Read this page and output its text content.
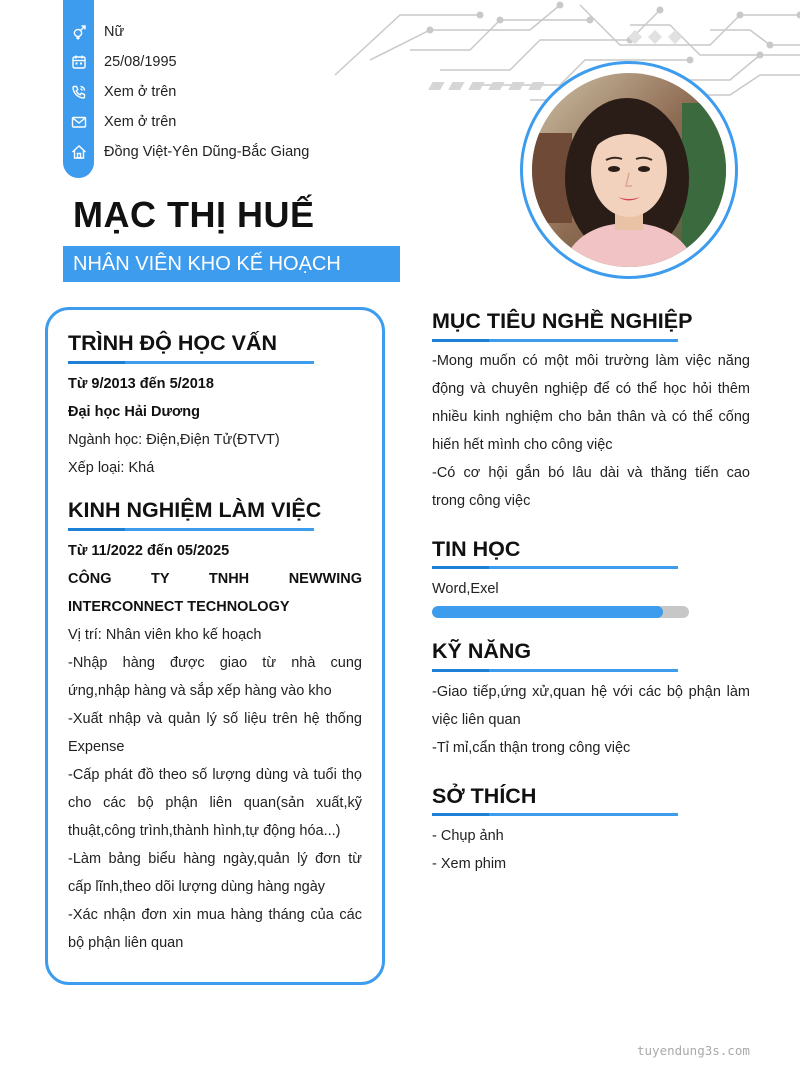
Nữ
25/08/1995
Xem ở trên
Xem ở trên
Đồng Việt-Yên Dũng-Bắc Giang
MẠC THỊ HUẾ
NHÂN VIÊN KHO KẾ HOẠCH
TRÌNH ĐỘ HỌC VẤN
Từ 9/2013 đến 5/2018
Đại học Hải Dương
Ngành học: Điện,Điện Tử(ĐTVT)
Xếp loại: Khá
KINH NGHIỆM LÀM VIỆC
Từ 11/2022 đến 05/2025
CÔNG TY TNHH NEWWING
INTERCONNECT TECHNOLOGY
Vị trí: Nhân viên kho kế hoạch
-Nhập hàng được giao từ nhà cung
ứng,nhập hàng và sắp xếp hàng vào kho
-Xuất nhập và quản lý số liệu trên hệ thống
Expense
-Cấp phát đồ theo số lượng dùng và tuổi thọ
cho các bộ phận liên quan(sản xuất,kỹ
thuật,công trình,thành hình,tự động hóa...)
-Làm bảng biểu hàng ngày,quản lý đơn từ
cấp lĩnh,theo dõi lượng dùng hàng ngày
-Xác nhận đơn xin mua hàng tháng của các
bộ phận liên quan
MỤC TIÊU NGHỀ NGHIỆP
-Mong muốn có một môi trường làm việc năng
động và chuyên nghiệp để có thể học hỏi thêm
nhiều kinh nghiệm cho bản thân và có thể cống
hiến hết mình cho công việc
-Có cơ hội gắn bó lâu dài và thăng tiến cao
trong công việc
TIN HỌC
Word,Exel
KỸ NĂNG
-Giao tiếp,ứng xử,quan hệ với các bộ phận làm
việc liên quan
-Tỉ mỉ,cẩn thận trong công việc
SỞ THÍCH
- Chụp ảnh
- Xem phim
tuyendung3s.com
